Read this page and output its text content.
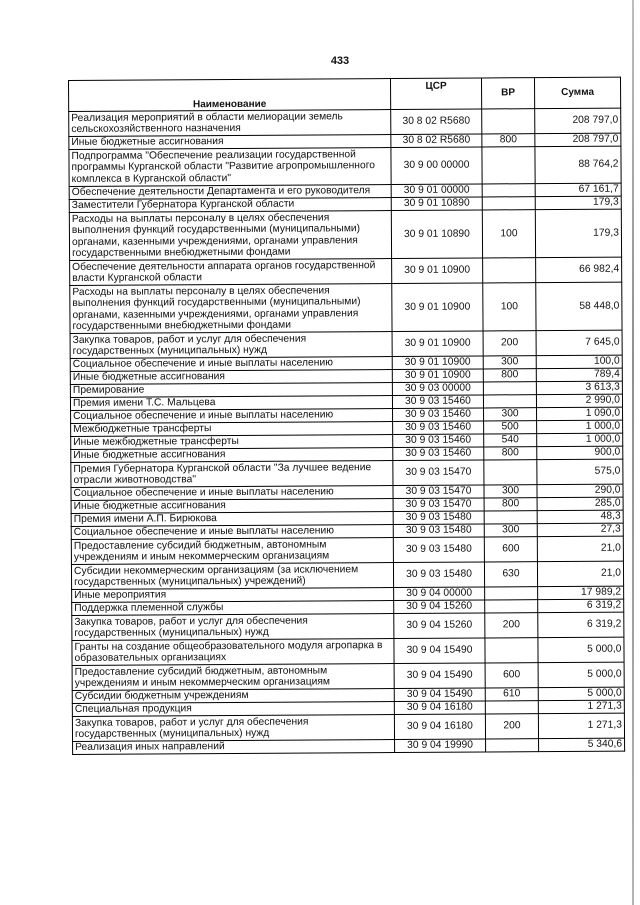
433
Наименование	ЦСР	ВР	Сумма
Реализация мероприятий в области мелиорации земель сельскохозяйственного назначения	30 8 02 R5680		208 797,0
Иные бюджетные ассигнования	30 8 02 R5680	800	208 797,0
Подпрограмма "Обеспечение реализации государственной программы Курганской области "Развитие агропромышленного комплекса в Курганской области"	30 9 00 00000		88 764,2
Обеспечение деятельности Департамента и его руководителя	30 9 01 00000		67 161,7
Заместители Губернатора Курганской области	30 9 01 10890		179,3
Расходы на выплаты персоналу в целях обеспечения выполнения функций государственными (муниципальными) органами, казенными учреждениями, органами управления государственными внебюджетными фондами	30 9 01 10890	100	179,3
Обеспечение деятельности аппарата органов государственной власти Курганской области	30 9 01 10900		66 982,4
Расходы на выплаты персоналу в целях обеспечения выполнения функций государственными (муниципальными) органами, казенными учреждениями, органами управления государственными внебюджетными фондами	30 9 01 10900	100	58 448,0
Закупка товаров, работ и услуг для обеспечения государственных (муниципальных) нужд	30 9 01 10900	200	7 645,0
Социальное обеспечение и иные выплаты населению	30 9 01 10900	300	100,0
Иные бюджетные ассигнования	30 9 01 10900	800	789,4
Премирование	30 9 03 00000		3 613,3
Премия имени Т.С. Мальцева	30 9 03 15460		2 990,0
Социальное обеспечение и иные выплаты населению	30 9 03 15460	300	1 090,0
Межбюджетные трансферты	30 9 03 15460	500	1 000,0
Иные межбюджетные трансферты	30 9 03 15460	540	1 000,0
Иные бюджетные ассигнования	30 9 03 15460	800	900,0
Премия Губернатора Курганской области "За лучшее ведение отрасли животноводства"	30 9 03 15470		575,0
Социальное обеспечение и иные выплаты населению	30 9 03 15470	300	290,0
Иные бюджетные ассигнования	30 9 03 15470	800	285,0
Премия имени А.П. Бирюкова	30 9 03 15480		48,3
Социальное обеспечение и иные выплаты населению	30 9 03 15480	300	27,3
Предоставление субсидий бюджетным, автономным учреждениям и иным некоммерческим организациям	30 9 03 15480	600	21,0
Субсидии некоммерческим организациям (за исключением государственных (муниципальных) учреждений)	30 9 03 15480	630	21,0
Иные мероприятия	30 9 04 00000		17 989,2
Поддержка племенной службы	30 9 04 15260		6 319,2
Закупка товаров, работ и услуг для обеспечения государственных (муниципальных) нужд	30 9 04 15260	200	6 319,2
Гранты на создание общеобразовательного модуля агропарка в образовательных организациях	30 9 04 15490		5 000,0
Предоставление субсидий бюджетным, автономным учреждениям и иным некоммерческим организациям	30 9 04 15490	600	5 000,0
Субсидии бюджетным учреждениям	30 9 04 15490	610	5 000,0
Специальная продукция	30 9 04 16180		1 271,3
Закупка товаров, работ и услуг для обеспечения государственных (муниципальных) нужд	30 9 04 16180	200	1 271,3
Реализация иных направлений	30 9 04 19990		5 340,6
